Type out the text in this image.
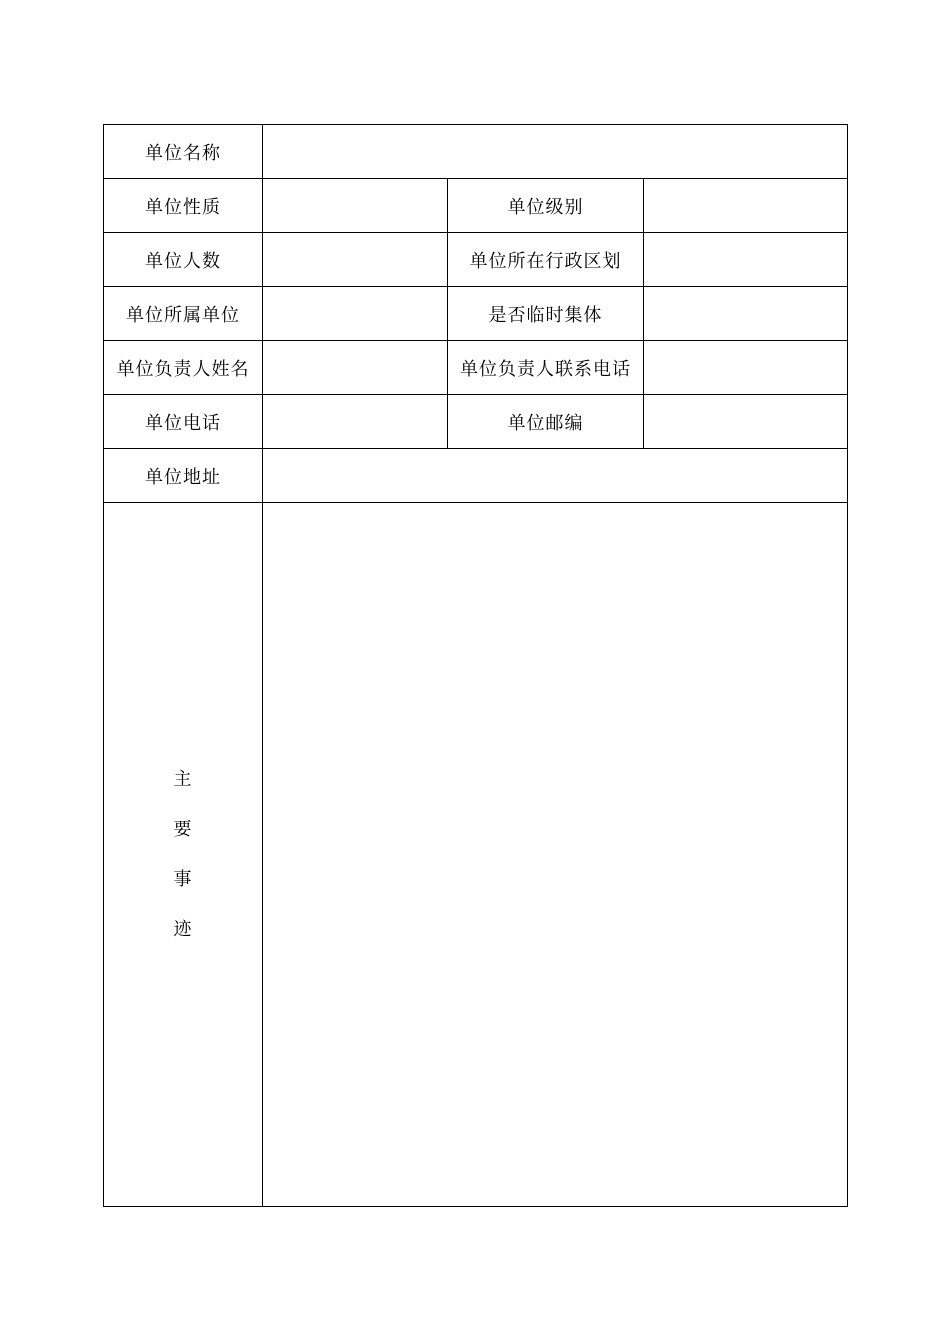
单位名称			
单位性质		单位级别	
单位人数		单位所在行政区划	
单位所属单位		是否临时集体	
单位负责人姓名		单位负责人联系电话	
单位电话		单位邮编	
单位地址			

主
要
事
迹			
